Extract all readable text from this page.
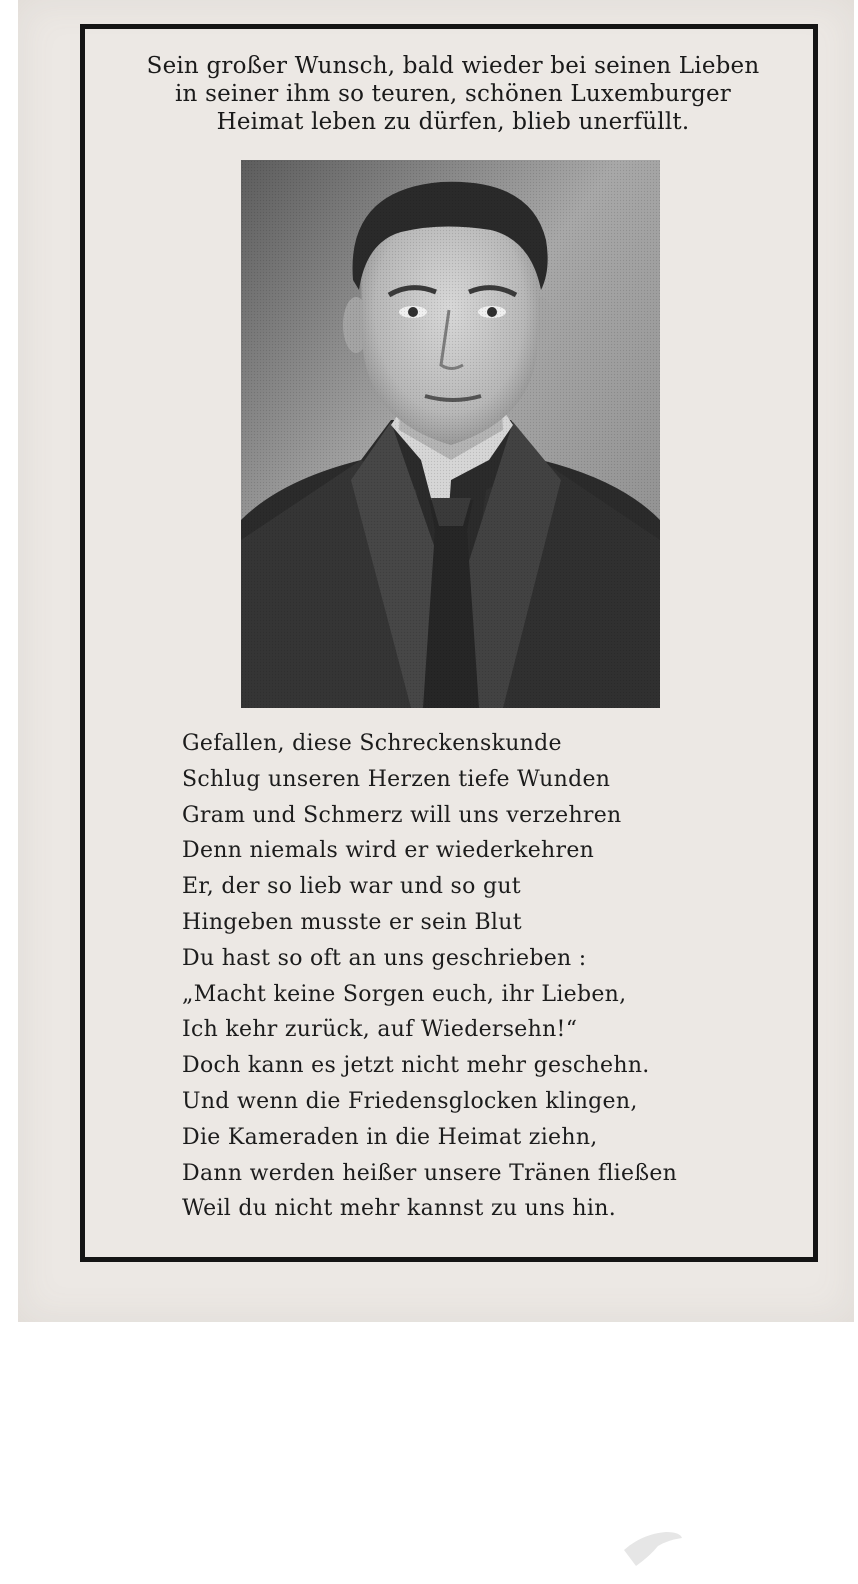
Sein großer Wunsch, bald wieder bei seinen Lieben
in seiner ihm so teuren, schönen Luxemburger
Heimat leben zu dürfen, blieb unerfüllt.
Gefallen, diese Schreckenskunde
Schlug unseren Herzen tiefe Wunden
Gram und Schmerz will uns verzehren
Denn niemals wird er wiederkehren
Er, der so lieb war und so gut
Hingeben musste er sein Blut
Du hast so oft an uns geschrieben :
„Macht keine Sorgen euch, ihr Lieben,
Ich kehr zurück, auf Wiedersehn!“
Doch kann es jetzt nicht mehr geschehn.
Und wenn die Friedensglocken klingen,
Die Kameraden in die Heimat ziehn,
Dann werden heißer unsere Tränen fließen
Weil du nicht mehr kannst zu uns hin.
